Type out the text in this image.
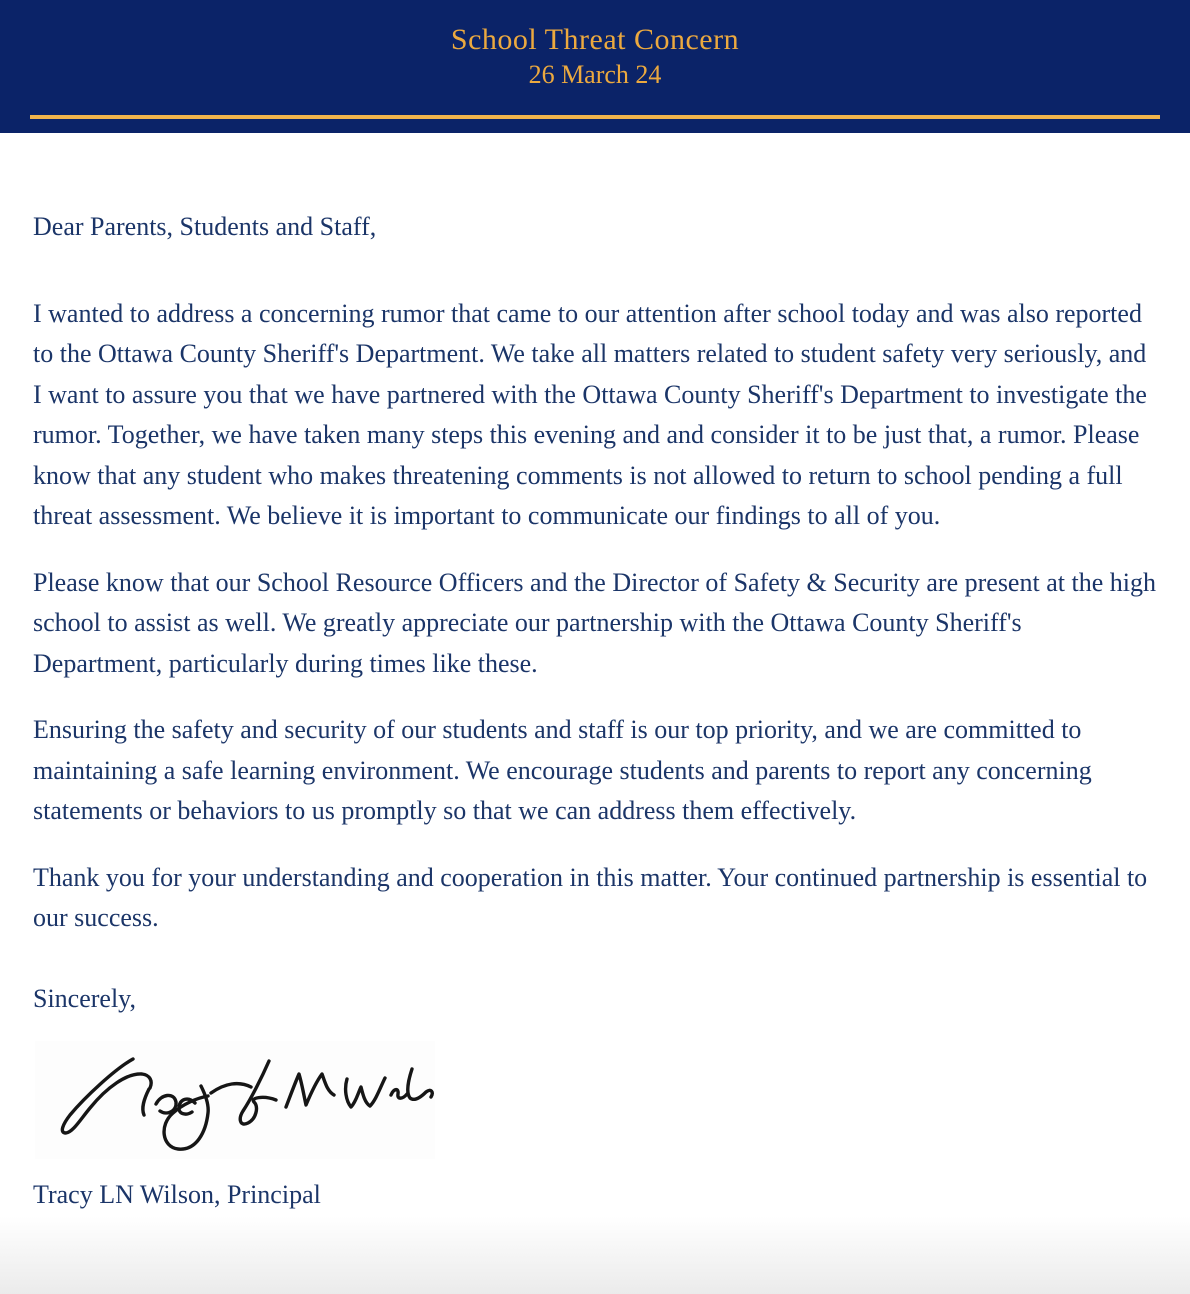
School Threat Concern
26 March 24

Dear Parents, Students and Staff,

I wanted to address a concerning rumor that came to our attention after school today and was also reported to the Ottawa County Sheriff's Department. We take all matters related to student safety very seriously, and I want to assure you that we have partnered with the Ottawa County Sheriff's Department to investigate the rumor. Together, we have taken many steps this evening and and consider it to be just that, a rumor. Please know that any student who makes threatening comments is not allowed to return to school pending a full threat assessment. We believe it is important to communicate our findings to all of you.

Please know that our School Resource Officers and the Director of Safety & Security are present at the high school to assist as well. We greatly appreciate our partnership with the Ottawa County Sheriff's Department, particularly during times like these.

Ensuring the safety and security of our students and staff is our top priority, and we are committed to maintaining a safe learning environment. We encourage students and parents to report any concerning statements or behaviors to us promptly so that we can address them effectively.

Thank you for your understanding and cooperation in this matter. Your continued partnership is essential to our success.

Sincerely,

Tracy LN Wilson, Principal
